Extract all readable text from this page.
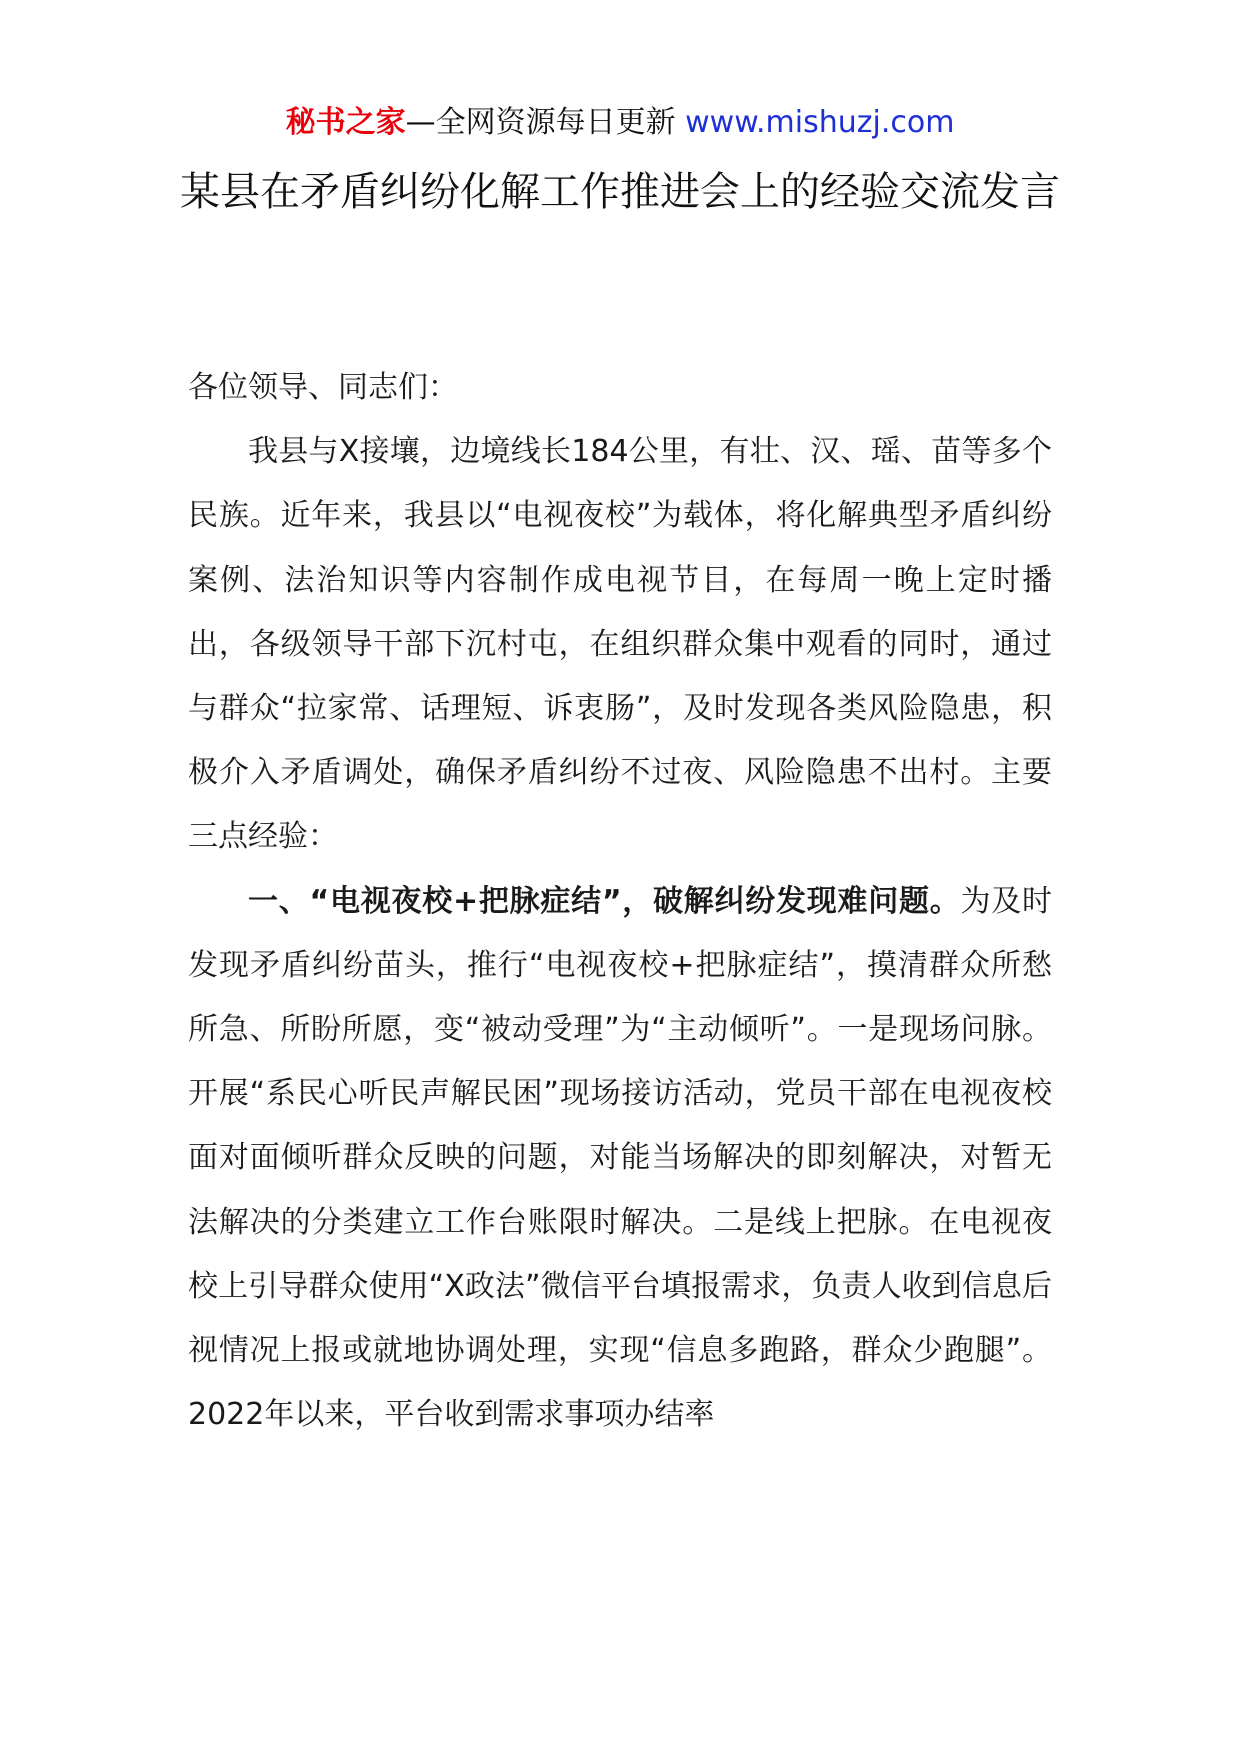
秘书之家—全网资源每日更新 www.mishuzj.com
某县在矛盾纠纷化解工作推进会上的经验交流发言

各位领导、同志们：

我县与X接壤，边境线长184公里，有壮、汉、瑶、苗等多个民族。近年来，我县以“电视夜校”为载体，将化解典型矛盾纠纷案例、法治知识等内容制作成电视节目，在每周一晚上定时播出，各级领导干部下沉村屯，在组织群众集中观看的同时，通过与群众“拉家常、话理短、诉衷肠”，及时发现各类风险隐患，积极介入矛盾调处，确保矛盾纠纷不过夜、风险隐患不出村。主要三点经验：

一、“电视夜校+把脉症结”，破解纠纷发现难问题。为及时发现矛盾纠纷苗头，推行“电视夜校+把脉症结”，摸清群众所愁所急、所盼所愿，变“被动受理”为“主动倾听”。一是现场问脉。开展“系民心听民声解民困”现场接访活动，党员干部在电视夜校面对面倾听群众反映的问题，对能当场解决的即刻解决，对暂无法解决的分类建立工作台账限时解决。二是线上把脉。在电视夜校上引导群众使用“X政法”微信平台填报需求，负责人收到信息后视情况上报或就地协调处理，实现“信息多跑路，群众少跑腿”。2022年以来，平台收到需求事项办结率
